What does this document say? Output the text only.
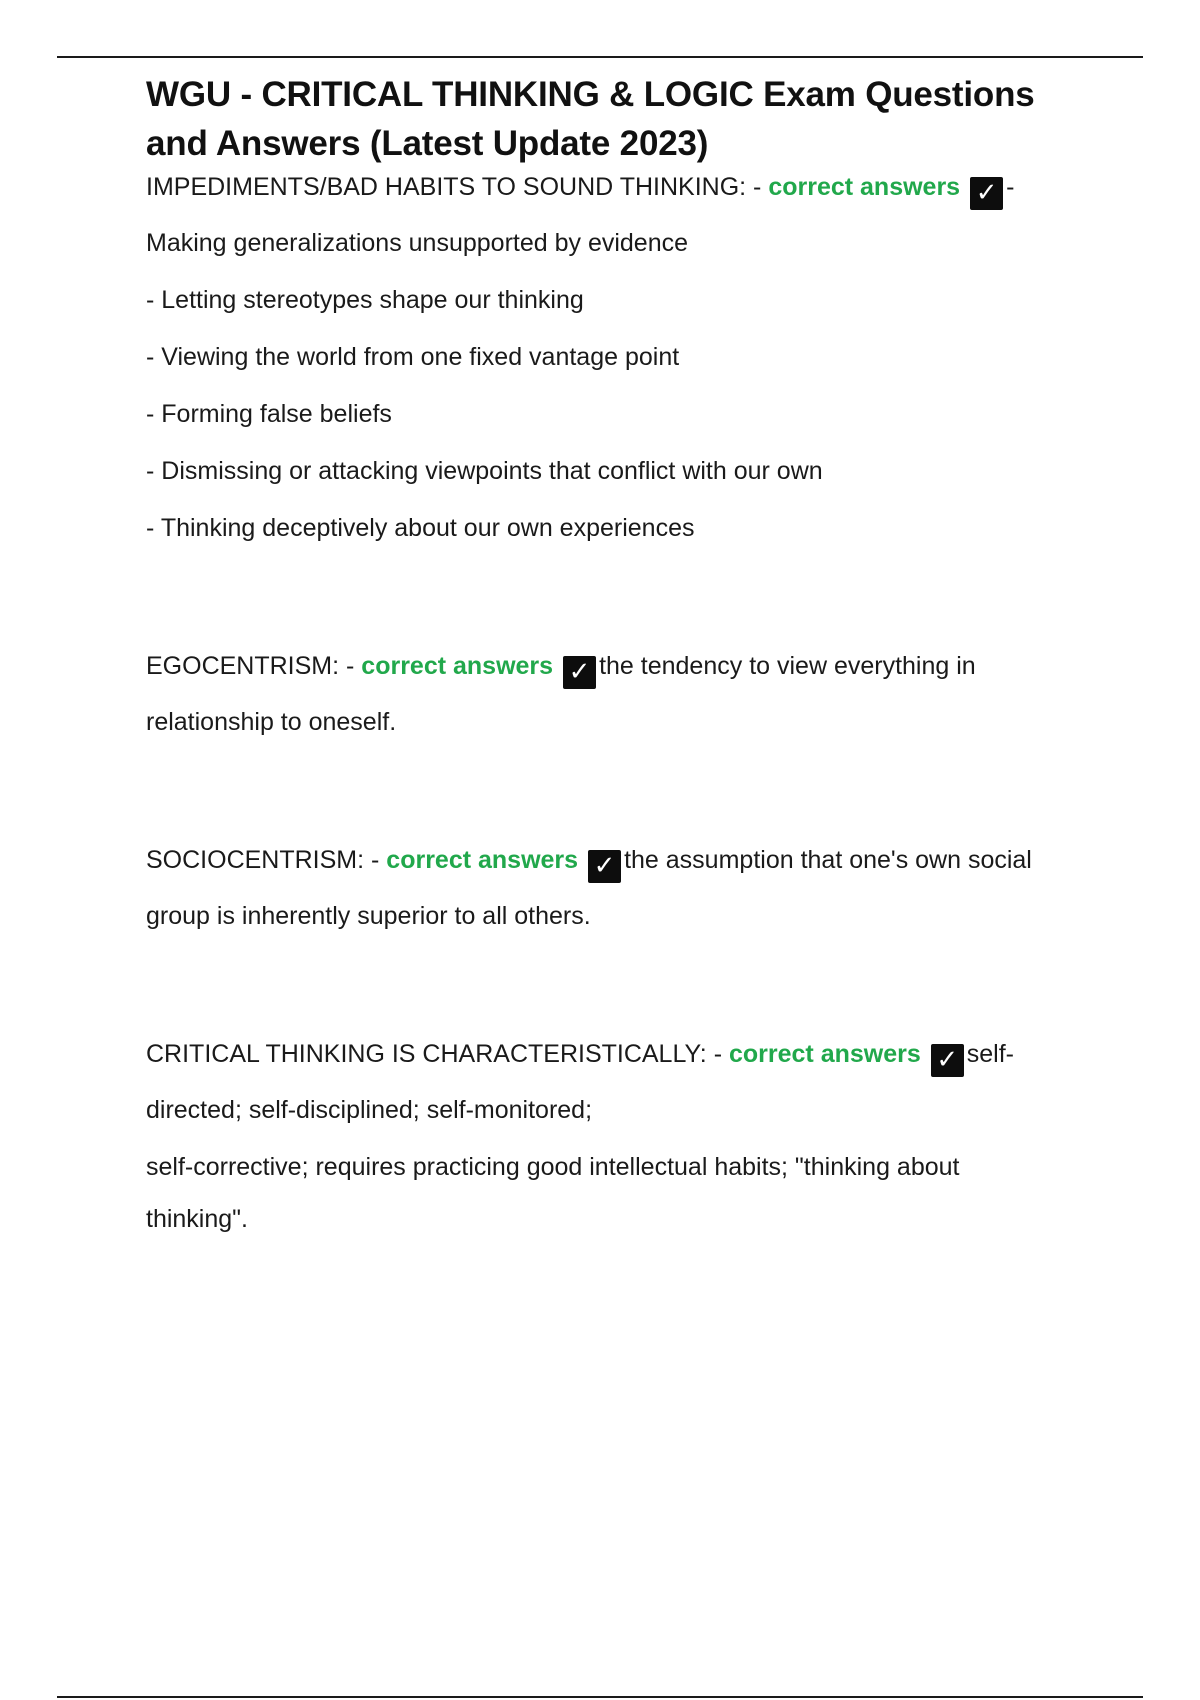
WGU - CRITICAL THINKING & LOGIC Exam Questions and Answers (Latest Update 2023)

IMPEDIMENTS/BAD HABITS TO SOUND THINKING: - correct answers ✓ -

Making generalizations unsupported by evidence

- Letting stereotypes shape our thinking

- Viewing the world from one fixed vantage point

- Forming false beliefs

- Dismissing or attacking viewpoints that conflict with our own

- Thinking deceptively about our own experiences

EGOCENTRISM: - correct answers ✓ the tendency to view everything in

relationship to oneself.

SOCIOCENTRISM: - correct answers ✓ the assumption that one's own social

group is inherently superior to all others.

CRITICAL THINKING IS CHARACTERISTICALLY: - correct answers ✓ self-

directed; self-disciplined; self-monitored;

self-corrective; requires practicing good intellectual habits; "thinking about

thinking".
